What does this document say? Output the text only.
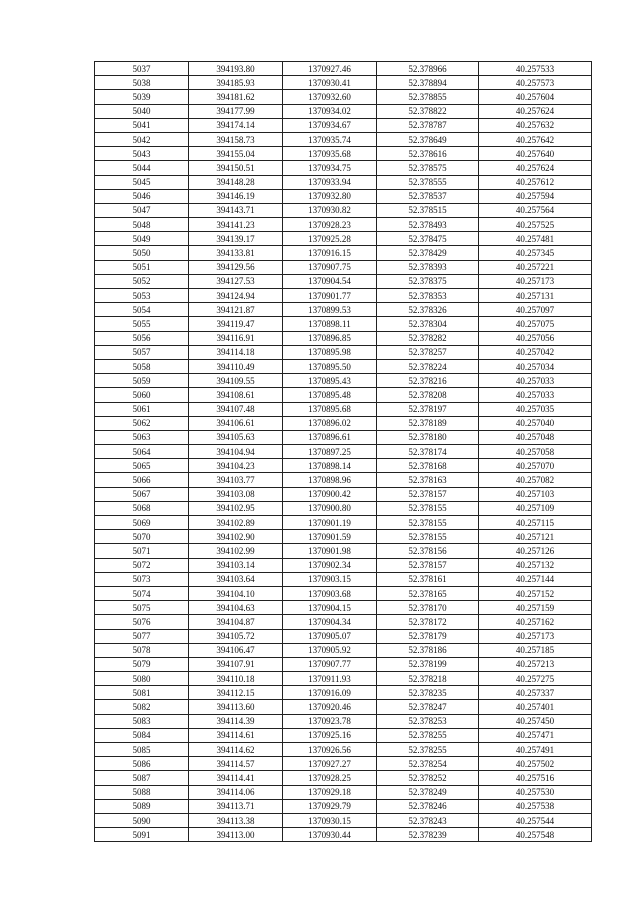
5037	394193.80	1370927.46	52.378966	40.257533
5038	394185.93	1370930.41	52.378894	40.257573
5039	394181.62	1370932.60	52.378855	40.257604
5040	394177.99	1370934.02	52.378822	40.257624
5041	394174.14	1370934.67	52.378787	40.257632
5042	394158.73	1370935.74	52.378649	40.257642
5043	394155.04	1370935.68	52.378616	40.257640
5044	394150.51	1370934.75	52.378575	40.257624
5045	394148.28	1370933.94	52.378555	40.257612
5046	394146.19	1370932.80	52.378537	40.257594
5047	394143.71	1370930.82	52.378515	40.257564
5048	394141.23	1370928.23	52.378493	40.257525
5049	394139.17	1370925.28	52.378475	40.257481
5050	394133.81	1370916.15	52.378429	40.257345
5051	394129.56	1370907.75	52.378393	40.257221
5052	394127.53	1370904.54	52.378375	40.257173
5053	394124.94	1370901.77	52.378353	40.257131
5054	394121.87	1370899.53	52.378326	40.257097
5055	394119.47	1370898.11	52.378304	40.257075
5056	394116.91	1370896.85	52.378282	40.257056
5057	394114.18	1370895.98	52.378257	40.257042
5058	394110.49	1370895.50	52.378224	40.257034
5059	394109.55	1370895.43	52.378216	40.257033
5060	394108.61	1370895.48	52.378208	40.257033
5061	394107.48	1370895.68	52.378197	40.257035
5062	394106.61	1370896.02	52.378189	40.257040
5063	394105.63	1370896.61	52.378180	40.257048
5064	394104.94	1370897.25	52.378174	40.257058
5065	394104.23	1370898.14	52.378168	40.257070
5066	394103.77	1370898.96	52.378163	40.257082
5067	394103.08	1370900.42	52.378157	40.257103
5068	394102.95	1370900.80	52.378155	40.257109
5069	394102.89	1370901.19	52.378155	40.257115
5070	394102.90	1370901.59	52.378155	40.257121
5071	394102.99	1370901.98	52.378156	40.257126
5072	394103.14	1370902.34	52.378157	40.257132
5073	394103.64	1370903.15	52.378161	40.257144
5074	394104.10	1370903.68	52.378165	40.257152
5075	394104.63	1370904.15	52.378170	40.257159
5076	394104.87	1370904.34	52.378172	40.257162
5077	394105.72	1370905.07	52.378179	40.257173
5078	394106.47	1370905.92	52.378186	40.257185
5079	394107.91	1370907.77	52.378199	40.257213
5080	394110.18	1370911.93	52.378218	40.257275
5081	394112.15	1370916.09	52.378235	40.257337
5082	394113.60	1370920.46	52.378247	40.257401
5083	394114.39	1370923.78	52.378253	40.257450
5084	394114.61	1370925.16	52.378255	40.257471
5085	394114.62	1370926.56	52.378255	40.257491
5086	394114.57	1370927.27	52.378254	40.257502
5087	394114.41	1370928.25	52.378252	40.257516
5088	394114.06	1370929.18	52.378249	40.257530
5089	394113.71	1370929.79	52.378246	40.257538
5090	394113.38	1370930.15	52.378243	40.257544
5091	394113.00	1370930.44	52.378239	40.257548
